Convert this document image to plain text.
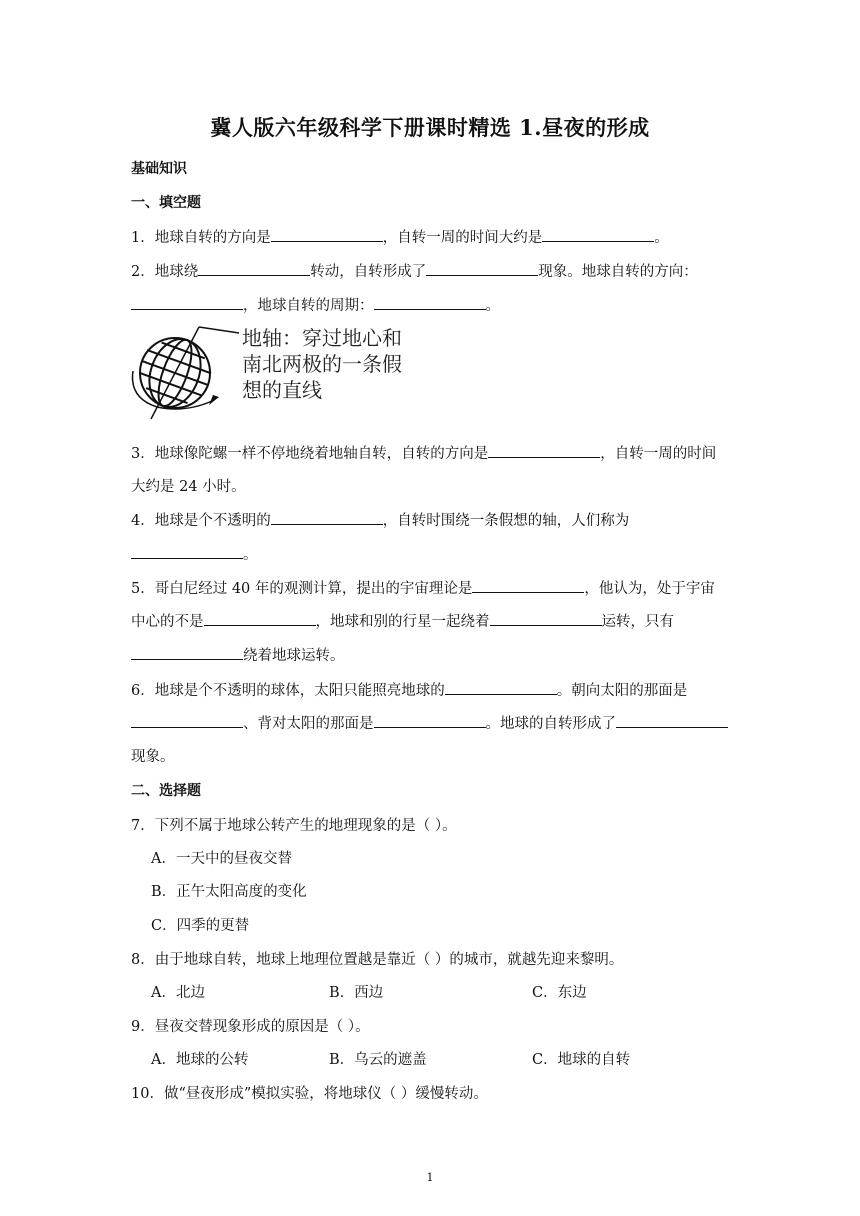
冀人版六年级科学下册课时精选 1.昼夜的形成
基础知识
一、填空题
1．地球自转的方向是	，自转一周的时间大约是	。
2．地球绕	转动，自转形成了	现象。地球自转的方向：
，地球自转的周期：	。
地轴：穿过地心和
南北两极的一条假
想的直线
3．地球像陀螺一样不停地绕着地轴自转，自转的方向是	，自转一周的时间
大约是 24 小时。
4．地球是个不透明的	，自转时围绕一条假想的轴，人们称为
。
5．哥白尼经过 40 年的观测计算，提出的宇宙理论是	，他认为，处于宇宙
中心的不是	，地球和别的行星一起绕着	运转，只有
绕着地球运转。
6．地球是个不透明的球体，太阳只能照亮地球的	。朝向太阳的那面是
、背对太阳的那面是	。地球的自转形成了
现象。
二、选择题
7．下列不属于地球公转产生的地理现象的是（ ）。
A．一天中的昼夜交替
B．正午太阳高度的变化
C．四季的更替
8．由于地球自转，地球上地理位置越是靠近（ ）的城市，就越先迎来黎明。
A．北边	B．西边	C．东边
9．昼夜交替现象形成的原因是（ ）。
A．地球的公转	B．乌云的遮盖	C．地球的自转
10．做“昼夜形成”模拟实验，将地球仪（ ）缓慢转动。
1
